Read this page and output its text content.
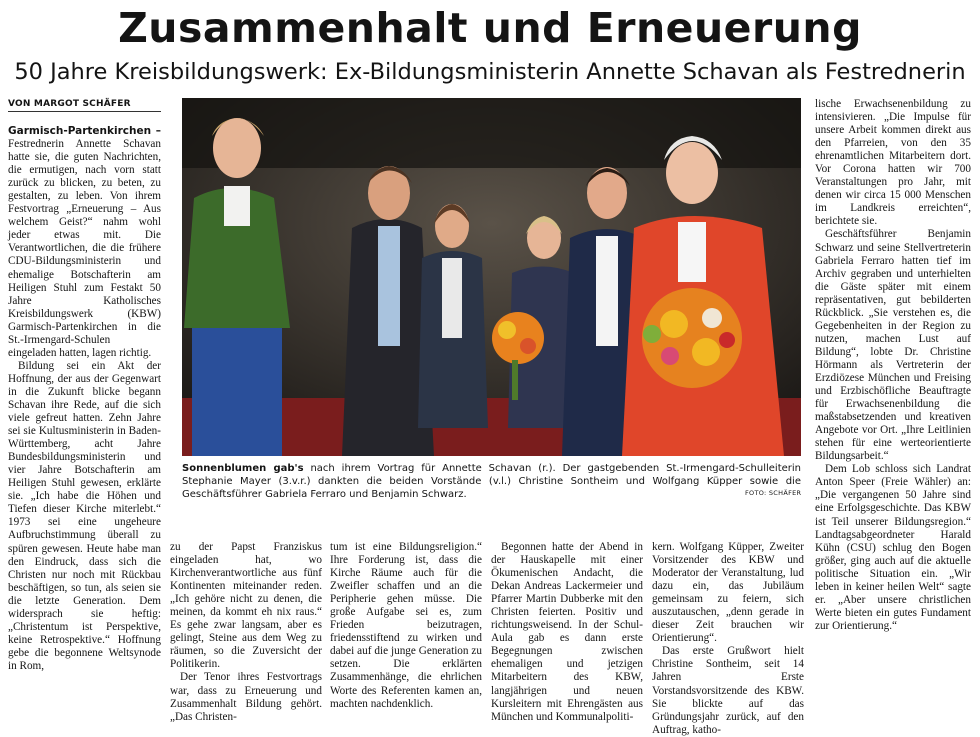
Zusammenhalt und Erneuerung
50 Jahre Kreisbildungswerk: Ex-Bildungsministerin Annette Schavan als Festrednerin
VON MARGOT SCHÄFER

Garmisch-Partenkirchen – Festrednerin Annette Schavan hatte sie, die guten Nachrichten, die ermutigen, nach vorn statt zurück zu blicken, zu beten, zu gestalten, zu leben. Von ihrem Festvortrag „Erneuerung – Aus welchem Geist?“ nahm wohl jeder etwas mit. Die Verantwortlichen, die die frühere CDU-Bildungsministerin und ehemalige Botschafterin am Heiligen Stuhl zum Festakt 50 Jahre Katholisches Kreisbildungswerk (KBW) Garmisch-Partenkirchen in die St.-Irmengard-Schulen eingeladen hatten, lagen richtig.

Bildung sei ein Akt der Hoffnung, der aus der Gegenwart in die Zukunft blicke begann Schavan ihre Rede, auf die sich viele gefreut hatten. Zehn Jahre sei sie Kultusministerin in Baden-Württemberg, acht Jahre Bundesbildungsministerin und vier Jahre Botschafterin am Heiligen Stuhl gewesen, erklärte sie. „Ich habe die Höhen und Tiefen dieser Kirche miterlebt.“ 1973 sei eine ungeheure Aufbruchstimmung überall zu spüren gewesen. Heute habe man den Eindruck, dass sich die Christen nur noch mit Rückbau beschäftigen, so tun, als seien sie die letzte Generation. Dem widersprach sie heftig: „Christentum ist Perspektive, keine Retrospektive.“ Hoffnung gebe die begonnene Weltsynode in Rom,

zu der Papst Franziskus eingeladen hat, wo Kirchenverantwortliche aus fünf Kontinenten miteinander reden. „Ich gehöre nicht zu denen, die meinen, da kommt eh nix raus.“ Es gehe zwar langsam, aber es gelingt, Steine aus dem Weg zu räumen, so die Zuversicht der Politikerin.

Der Tenor ihres Festvortrags war, dass zu Erneuerung und Zusammenhalt Bildung gehört. „Das Christen-

tum ist eine Bildungsreligion.“ Ihre Forderung ist, dass die Kirche Räume auch für die Zweifler schaffen und an die Peripherie gehen müsse. Die große Aufgabe sei es, zum Frieden beizutragen, friedensstiftend zu wirken und dabei auf die junge Generation zu setzen. Die erklärten Zusammenhänge, die ehrlichen Worte des Referenten kamen an, machten nachdenklich.

Begonnen hatte der Abend in der Hauskapelle mit einer Ökumenischen Andacht, die Dekan Andreas Lackermeier und Pfarrer Martin Dubberke mit den Christen feierten. Positiv und richtungsweisend. In der Schul-Aula gab es dann erste Begegnungen zwischen ehemaligen und jetzigen Mitarbeitern des KBW, langjährigen und neuen Kursleitern mit Ehrengästen aus München und Kommunalpoliti-

kern. Wolfgang Küpper, Zweiter Vorsitzender des KBW und Moderator der Veranstaltung, lud dazu ein, das Jubiläum gemeinsam zu feiern, sich auszutauschen, „denn gerade in dieser Zeit brauchen wir Orientierung“.

Das erste Grußwort hielt Christine Sontheim, seit 14 Jahren Erste Vorstandsvorsitzende des KBW. Sie blickte auf das Gründungsjahr zurück, auf den Auftrag, katho-

lische Erwachsenenbildung zu intensivieren. „Die Impulse für unsere Arbeit kommen direkt aus den Pfarreien, von den 35 ehrenamtlichen Mitarbeitern dort. Vor Corona hatten wir 700 Veranstaltungen pro Jahr, mit denen wir circa 15 000 Menschen im Landkreis erreichten“, berichtete sie.

Geschäftsführer Benjamin Schwarz und seine Stellvertreterin Gabriela Ferraro hatten tief im Archiv gegraben und unterhielten die Gäste später mit einem repräsentativen, gut bebilderten Rückblick. „Sie verstehen es, die Gegebenheiten in der Region zu nutzen, machen Lust auf Bildung“, lobte Dr. Christine Hörmann als Vertreterin der Erzdiözese München und Freising und Erzbischöfliche Beauftragte für Erwachsenenbildung die maßstabsetzenden und kreativen Angebote vor Ort. „Ihre Leitlinien stehen für eine werteorientierte Bildungsarbeit.“

Dem Lob schloss sich Landrat Anton Speer (Freie Wähler) an: „Die vergangenen 50 Jahre sind eine Erfolgsgeschichte. Das KBW ist Teil unserer Bildungsregion.“ Landtagsabgeordneter Harald Kühn (CSU) schlug den Bogen größer, ging auch auf die aktuelle politische Situation ein. „Wir leben in keiner heilen Welt“ sagte er. „Aber unsere christlichen Werte bieten ein gutes Fundament zur Orientierung.“

Sonnenblumen gab's nach ihrem Vortrag für Annette Schavan (r.). Der gastgebenden St.-Irmengard-Schulleiterin Stephanie Mayer (3.v.r.) dankten die beiden Vorstände (v.l.) Christine Sontheim und Wolfgang Küpper sowie die Geschäftsführer Gabriela Ferraro und Benjamin Schwarz.	FOTO: SCHÄFER
